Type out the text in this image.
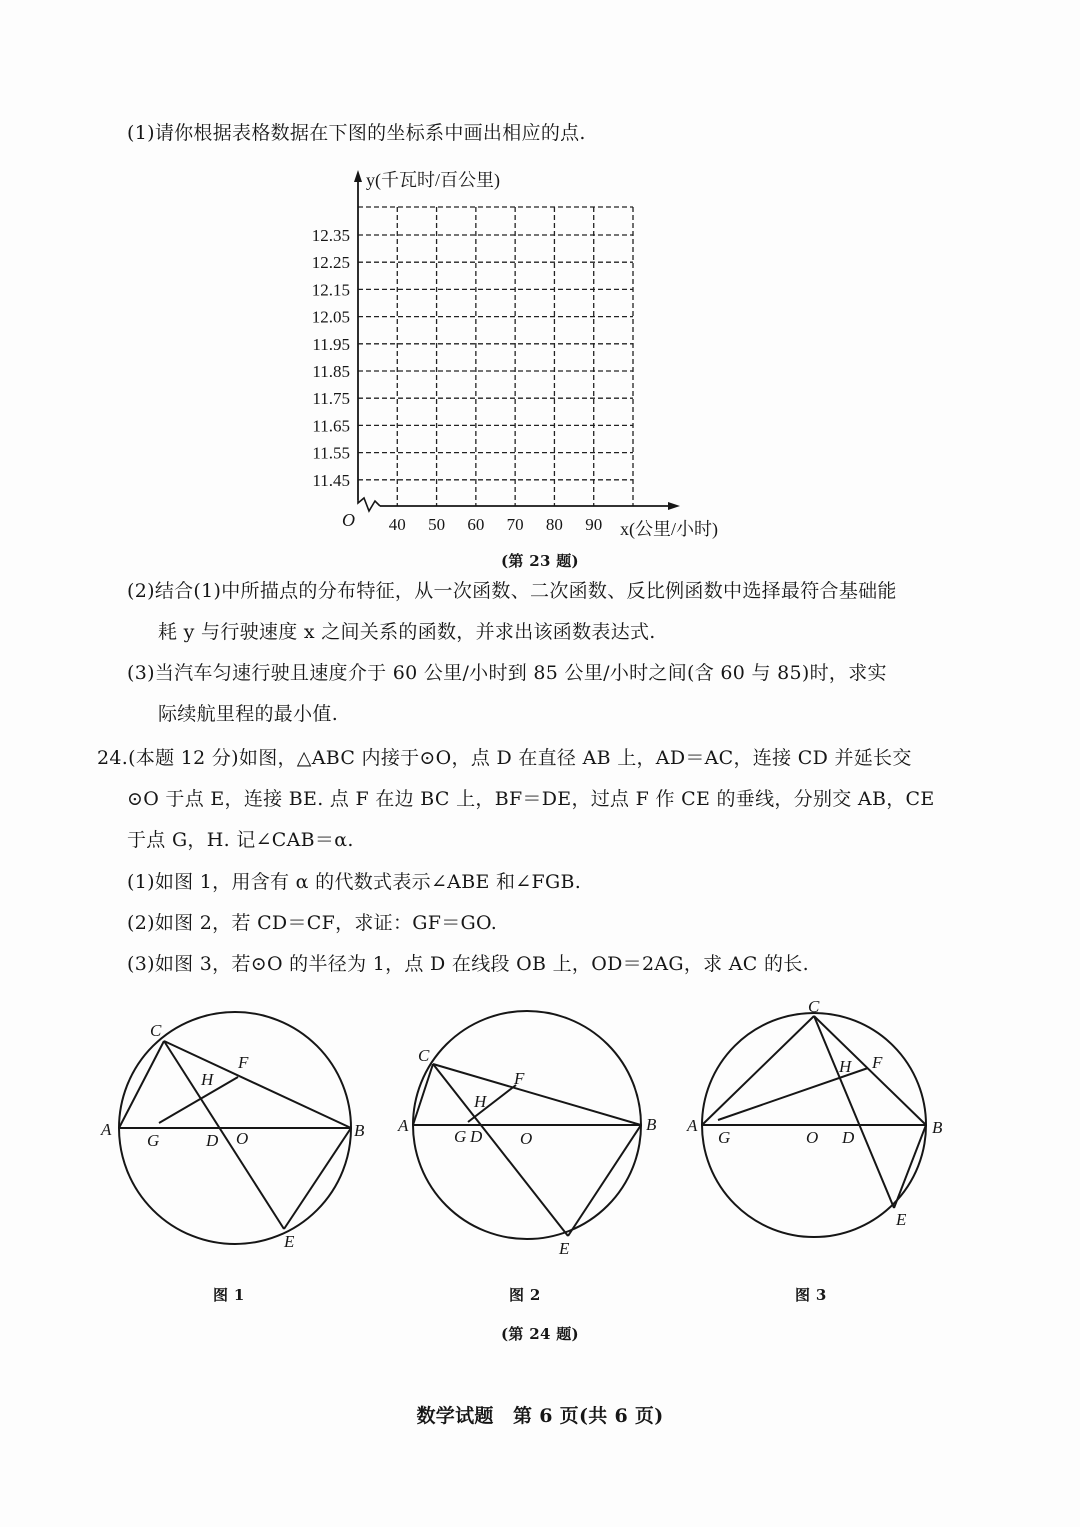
(1)请你根据表格数据在下图的坐标系中画出相应的点.
y(千瓦时/百公里)
x(公里/小时)
O 40 50 60 70 80 90
12.35
12.25
12.15
12.05
11.95
11.85
11.75
11.65
11.55
11.45
(第 23 题)
(2)结合(1)中所描点的分布特征，从一次函数、二次函数、反比例函数中选择最符合基础能
耗 y 与行驶速度 x 之间关系的函数，并求出该函数表达式.
(3)当汽车匀速行驶且速度介于 60 公里/小时到 85 公里/小时之间(含 60 与 85)时，求实
际续航里程的最小值.
24.(本题 12 分)如图，△ABC 内接于⊙O，点 D 在直径 AB 上，AD＝AC，连接 CD 并延长交
⊙O 于点 E，连接 BE. 点 F 在边 BC 上，BF＝DE，过点 F 作 CE 的垂线，分别交 AB，CE
于点 G，H. 记∠CAB＝α.
(1)如图 1，用含有 α 的代数式表示∠ABE 和∠FGB.
(2)如图 2，若 CD＝CF，求证：GF＝GO.
(3)如图 3，若⊙O 的半径为 1，点 D 在线段 OB 上，OD＝2AG，求 AC 的长.
C
F
H
A
G	D O	B
E
C
F
H
A
G D O
B
E
C
F
H
A
G	O D
B
E
图 1	图 2	图 3
(第 24 题)
数学试题　第 6 页(共 6 页)
